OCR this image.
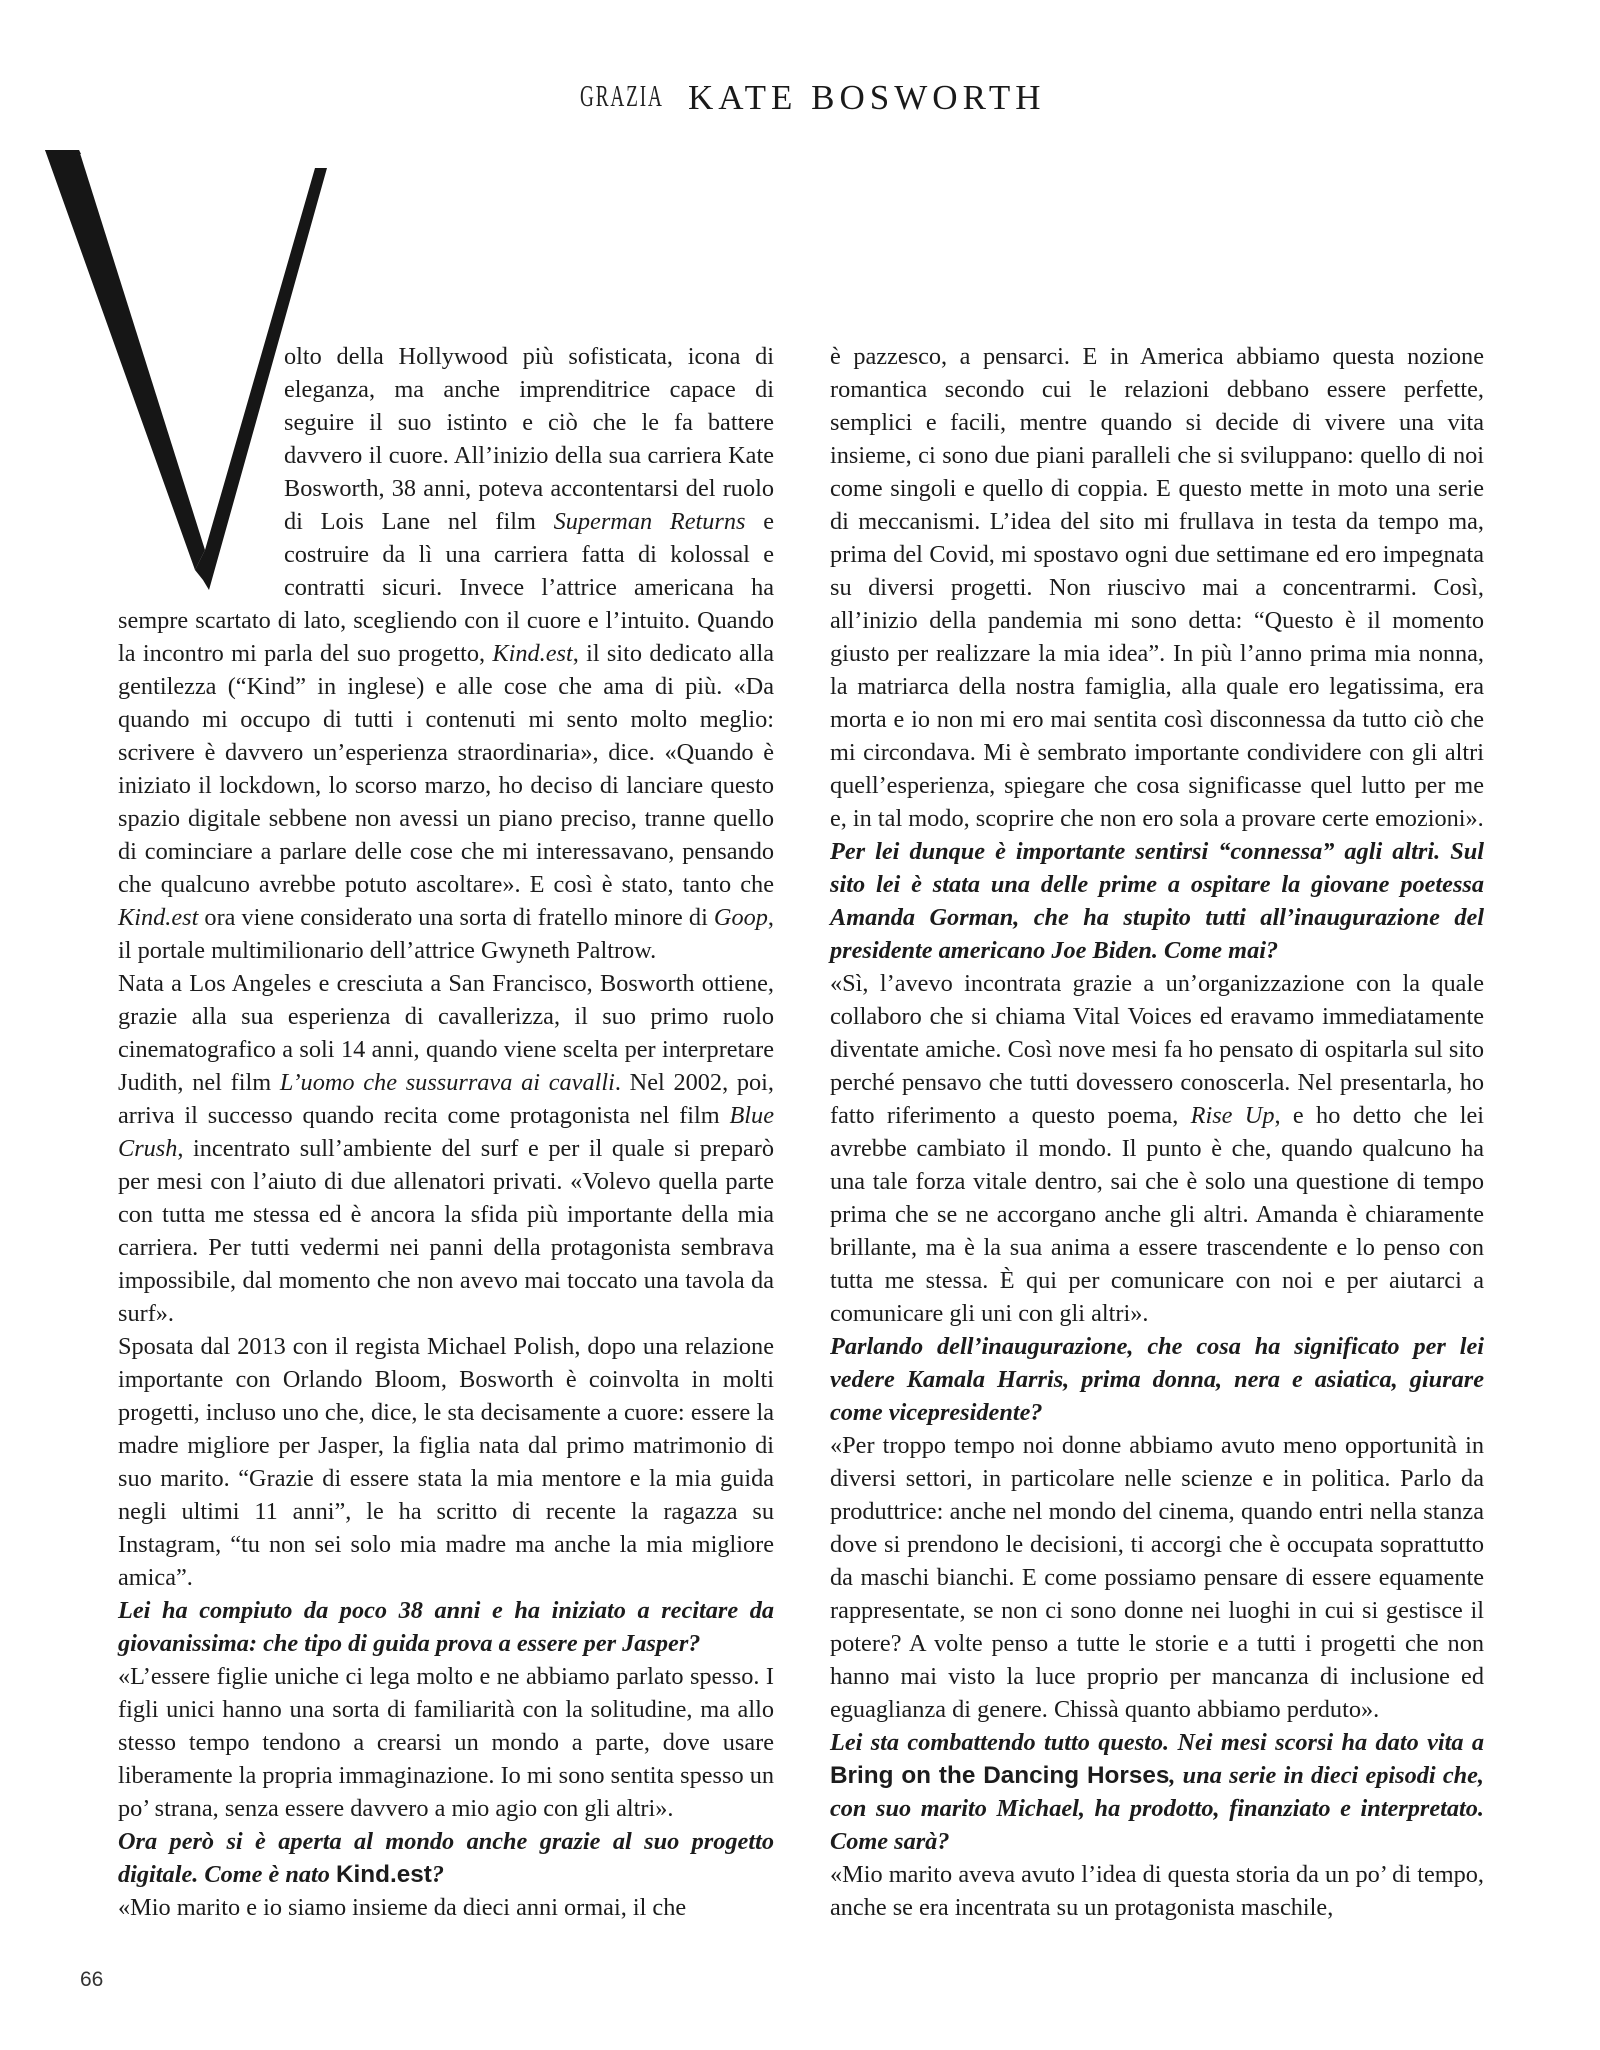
GRAZIA KATE BOSWORTH

olto della Hollywood più sofisticata, icona di eleganza, ma anche imprenditrice capace di seguire il suo istinto e ciò che le fa battere davvero il cuore. All’inizio della sua carriera Kate Bosworth, 38 anni, poteva accontentarsi del ruolo di Lois Lane nel film Superman Returns e costruire da lì una carriera fatta di kolossal e contratti sicuri. Invece l’attrice americana ha sempre scartato di lato, scegliendo con il cuore e l’intuito. Quando la incontro mi parla del suo progetto, Kind.est, il sito dedicato alla gentilezza (“Kind” in inglese) e alle cose che ama di più. «Da quando mi occupo di tutti i contenuti mi sento molto meglio: scrivere è davvero un’esperienza straordinaria», dice. «Quando è iniziato il lockdown, lo scorso marzo, ho deciso di lanciare questo spazio digitale sebbene non avessi un piano preciso, tranne quello di cominciare a parlare delle cose che mi interessavano, pensando che qualcuno avrebbe potuto ascoltare». E così è stato, tanto che Kind.est ora viene considerato una sorta di fratello minore di Goop, il portale multimilionario dell’attrice Gwyneth Paltrow.

Nata a Los Angeles e cresciuta a San Francisco, Bosworth ottiene, grazie alla sua esperienza di cavallerizza, il suo primo ruolo cinematografico a soli 14 anni, quando viene scelta per interpretare Judith, nel film L’uomo che sussurrava ai cavalli. Nel 2002, poi, arriva il successo quando recita come protagonista nel film Blue Crush, incentrato sull’ambiente del surf e per il quale si preparò per mesi con l’aiuto di due allenatori privati. «Volevo quella parte con tutta me stessa ed è ancora la sfida più importante della mia carriera. Per tutti vedermi nei panni della protagonista sembrava impossibile, dal momento che non avevo mai toccato una tavola da surf».

Sposata dal 2013 con il regista Michael Polish, dopo una relazione importante con Orlando Bloom, Bosworth è coinvolta in molti progetti, incluso uno che, dice, le sta decisamente a cuore: essere la madre migliore per Jasper, la figlia nata dal primo matrimonio di suo marito. “Grazie di essere stata la mia mentore e la mia guida negli ultimi 11 anni”, le ha scritto di recente la ragazza su Instagram, “tu non sei solo mia madre ma anche la mia migliore amica”.

Lei ha compiuto da poco 38 anni e ha iniziato a recitare da giovanissima: che tipo di guida prova a essere per Jasper?

«L’essere figlie uniche ci lega molto e ne abbiamo parlato spesso. I figli unici hanno una sorta di familiarità con la solitudine, ma allo stesso tempo tendono a crearsi un mondo a parte, dove usare liberamente la propria immaginazione. Io mi sono sentita spesso un po’ strana, senza essere davvero a mio agio con gli altri».

Ora però si è aperta al mondo anche grazie al suo progetto digitale. Come è nato Kind.est?

«Mio marito e io siamo insieme da dieci anni ormai, il che

è pazzesco, a pensarci. E in America abbiamo questa nozione romantica secondo cui le relazioni debbano essere perfette, semplici e facili, mentre quando si decide di vivere una vita insieme, ci sono due piani paralleli che si sviluppano: quello di noi come singoli e quello di coppia. E questo mette in moto una serie di meccanismi. L’idea del sito mi frullava in testa da tempo ma, prima del Covid, mi spostavo ogni due settimane ed ero impegnata su diversi progetti. Non riuscivo mai a concentrarmi. Così, all’inizio della pandemia mi sono detta: “Questo è il momento giusto per realizzare la mia idea”. In più l’anno prima mia nonna, la matriarca della nostra famiglia, alla quale ero legatissima, era morta e io non mi ero mai sentita così disconnessa da tutto ciò che mi circondava. Mi è sembrato importante condividere con gli altri quell’esperienza, spiegare che cosa significasse quel lutto per me e, in tal modo, scoprire che non ero sola a provare certe emozioni».

Per lei dunque è importante sentirsi “connessa” agli altri. Sul sito lei è stata una delle prime a ospitare la giovane poetessa Amanda Gorman, che ha stupito tutti all’inaugurazione del presidente americano Joe Biden. Come mai?

«Sì, l’avevo incontrata grazie a un’organizzazione con la quale collaboro che si chiama Vital Voices ed eravamo immediatamente diventate amiche. Così nove mesi fa ho pensato di ospitarla sul sito perché pensavo che tutti dovessero conoscerla. Nel presentarla, ho fatto riferimento a questo poema, Rise Up, e ho detto che lei avrebbe cambiato il mondo. Il punto è che, quando qualcuno ha una tale forza vitale dentro, sai che è solo una questione di tempo prima che se ne accorgano anche gli altri. Amanda è chiaramente brillante, ma è la sua anima a essere trascendente e lo penso con tutta me stessa. È qui per comunicare con noi e per aiutarci a comunicare gli uni con gli altri».

Parlando dell’inaugurazione, che cosa ha significato per lei vedere Kamala Harris, prima donna, nera e asiatica, giurare come vicepresidente?

«Per troppo tempo noi donne abbiamo avuto meno opportunità in diversi settori, in particolare nelle scienze e in politica. Parlo da produttrice: anche nel mondo del cinema, quando entri nella stanza dove si prendono le decisioni, ti accorgi che è occupata soprattutto da maschi bianchi. E come possiamo pensare di essere equamente rappresentate, se non ci sono donne nei luoghi in cui si gestisce il potere? A volte penso a tutte le storie e a tutti i progetti che non hanno mai visto la luce proprio per mancanza di inclusione ed eguaglianza di genere. Chissà quanto abbiamo perduto».

Lei sta combattendo tutto questo. Nei mesi scorsi ha dato vita a Bring on the Dancing Horses, una serie in dieci episodi che, con suo marito Michael, ha prodotto, finanziato e interpretato. Come sarà?

«Mio marito aveva avuto l’idea di questa storia da un po’ di tempo, anche se era incentrata su un protagonista maschile,

66
